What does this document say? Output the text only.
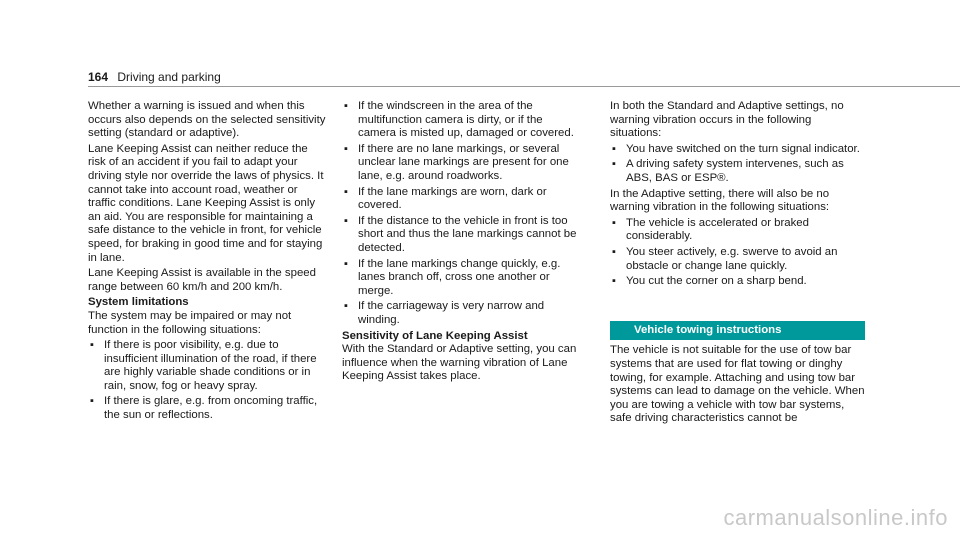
164 Driving and parking

Whether a warning is issued and when this occurs also depends on the selected sensitivity setting (standard or adaptive).

Lane Keeping Assist can neither reduce the risk of an accident if you fail to adapt your driving style nor override the laws of physics. It cannot take into account road, weather or traffic conditions. Lane Keeping Assist is only an aid. You are responsible for maintaining a safe distance to the vehicle in front, for vehicle speed, for braking in good time and for staying in lane.

Lane Keeping Assist is available in the speed range between 60 km/h and 200 km/h.

System limitations

The system may be impaired or may not function in the following situations:

▪ If there is poor visibility, e.g. due to insufficient illumination of the road, if there are highly variable shade conditions or in rain, snow, fog or heavy spray.
▪ If there is glare, e.g. from oncoming traffic, the sun or reflections.
▪ If the windscreen in the area of the multifunction camera is dirty, or if the camera is misted up, damaged or covered.
▪ If there are no lane markings, or several unclear lane markings are present for one lane, e.g. around roadworks.
▪ If the lane markings are worn, dark or covered.
▪ If the distance to the vehicle in front is too short and thus the lane markings cannot be detected.
▪ If the lane markings change quickly, e.g. lanes branch off, cross one another or merge.
▪ If the carriageway is very narrow and winding.

Sensitivity of Lane Keeping Assist

With the Standard or Adaptive setting, you can influence when the warning vibration of Lane Keeping Assist takes place.

In both the Standard and Adaptive settings, no warning vibration occurs in the following situations:

▪ You have switched on the turn signal indicator.
▪ A driving safety system intervenes, such as ABS, BAS or ESP®.

In the Adaptive setting, there will also be no warning vibration in the following situations:

▪ The vehicle is accelerated or braked considerably.
▪ You steer actively, e.g. swerve to avoid an obstacle or change lane quickly.
▪ You cut the corner on a sharp bend.
Vehicle towing instructions

The vehicle is not suitable for the use of tow bar systems that are used for flat towing or dinghy towing, for example. Attaching and using tow bar systems can lead to damage on the vehicle. When you are towing a vehicle with tow bar systems, safe driving characteristics cannot be

carmanualsonline.info
